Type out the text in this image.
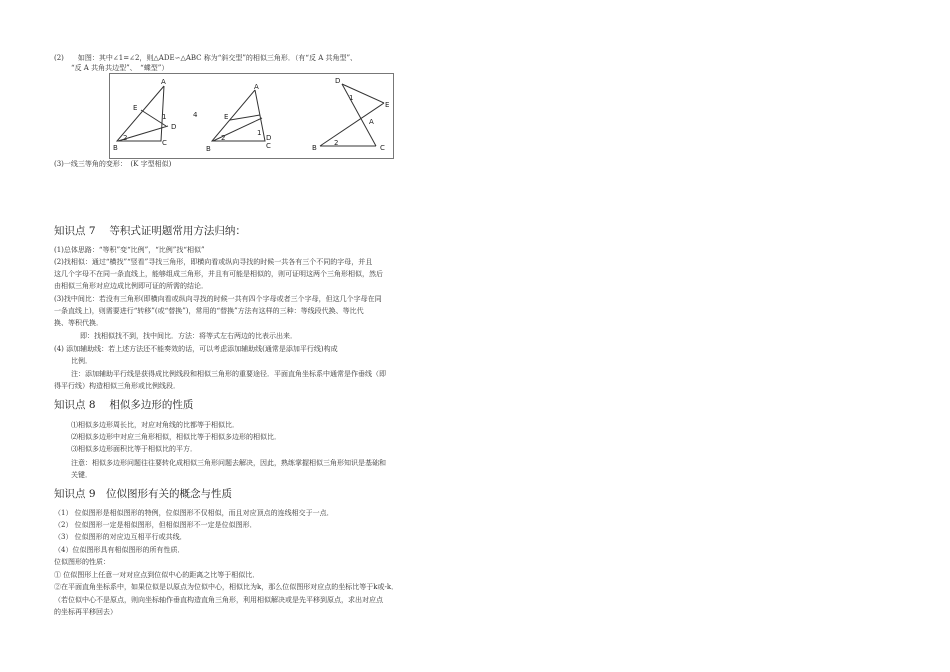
(2)　　如图：其中∠1=∠2，则△ADE∽△ABC 称为“斜交型”的相似三角形．（有“反 A 共角型”、
“反 A 共角共边型”、　“蝶型”）
A
E
D
B
C
1
2
4
A
E
B
D
C
1
2
D
E
A
B	C
1
2
(3)一线三等角的变形：　(K 字型相似)
知识点 7　 等积式证明题常用方法归纳：
(1)总体思路：“等积”变“比例”，“比例”找“相似”
(2)找相似：通过“横找”“竖看”寻找三角形，即横向看或纵向寻找的时候一共各有三个不同的字母，并且
这几个字母不在同一条直线上，能够组成三角形，并且有可能是相似的，则可证明这两个三角形相似，然后
由相似三角形对应边成比例即可证的所需的结论．
(3)找中间比：若没有三角形(即横向看或纵向寻找的时候一共有四个字母或者三个字母，但这几个字母在同
一条直线上)，则需要进行“转移”(或“替换”)，常用的“替换”方法有这样的三种：等线段代换、等比代
换、等积代换．
即：找相似找不到，找中间比．方法：将等式左右两边的比表示出来．
(4) 添加辅助线：若上述方法还不能奏效的话，可以考虑添加辅助线(通常是添加平行线)构成
比例．
注：添加辅助平行线是获得成比例线段和相似三角形的重要途径．平面直角坐标系中通常是作垂线（即
得平行线）构造相似三角形或比例线段．
知识点 8　 相似多边形的性质
⑴相似多边形周长比，对应对角线的比都等于相似比．
⑵相似多边形中对应三角形相似，相似比等于相似多边形的相似比．
⑶相似多边形面积比等于相似比的平方．
注意：相似多边形问题往往要转化成相似三角形问题去解决，因此，熟练掌握相似三角形知识是基础和
关键．
知识点 9　位似图形有关的概念与性质
（1） 位似图形是相似图形的特例，位似图形不仅相似，而且对应顶点的连线相交于一点．
（2） 位似图形一定是相似图形，但相似图形不一定是位似图形．
（3） 位似图形的对应边互相平行或共线．
（4）位似图形具有相似图形的所有性质．
位似图形的性质：
① 位似图形上任意一对对应点到位似中心的距离之比等于相似比．
②在平面直角坐标系中，如果位似是以原点为位似中心，相似比为k，那么位似图形对应点的坐标比等于k或-k．
（若位似中心不是原点，则向坐标轴作垂直构造直角三角形，利用相似解决或是先平移到原点，求出对应点
的坐标再平移回去）
